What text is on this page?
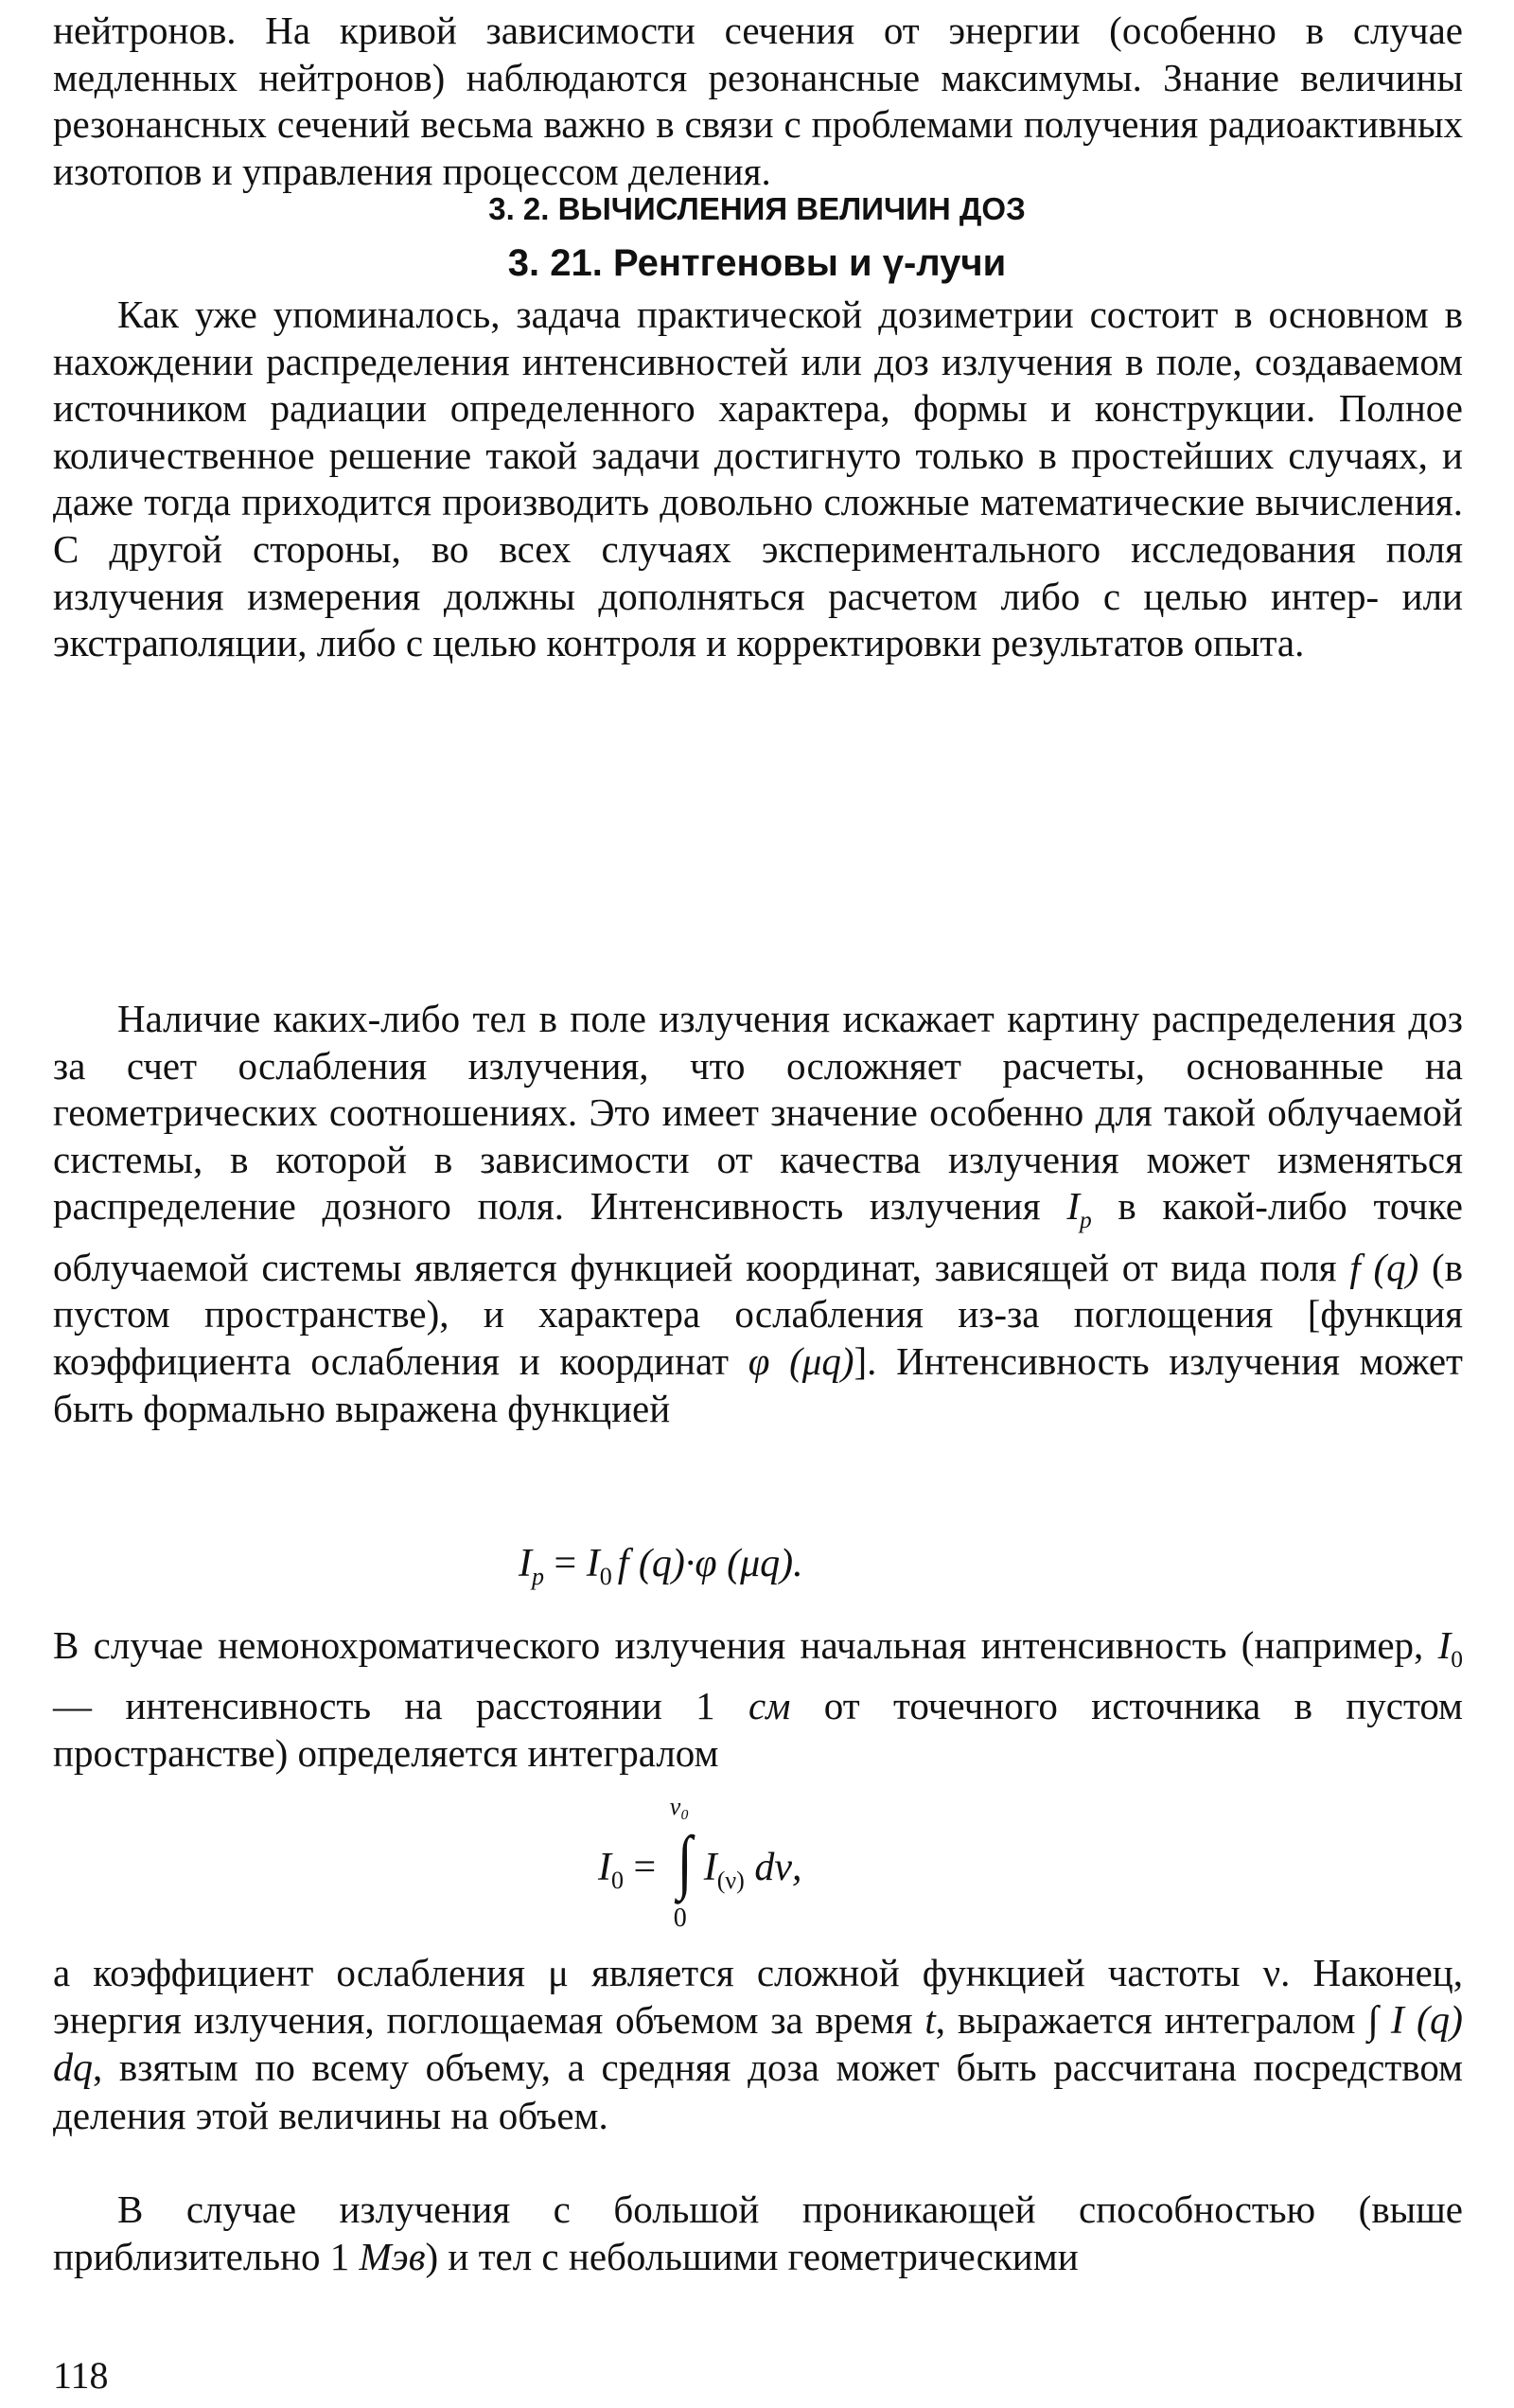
нейтронов. На кривой зависимости сечения от энергии (особенно в случае медленных нейтронов) наблюдаются резонансные максимумы. Знание величины резонансных сечений весьма важно в связи с проблемами получения радиоактивных изотопов и управления процессом деления.

3. 2. ВЫЧИСЛЕНИЯ ВЕЛИЧИН ДОЗ

3. 21. Рентгеновы и γ-лучи

Как уже упоминалось, задача практической дозиметрии состоит в основном в нахождении распределения интенсивностей или доз излучения в поле, создаваемом источником радиации определенного характера, формы и конструкции. Полное количественное решение такой задачи достигнуто только в простейших случаях, и даже тогда приходится производить довольно сложные математические вычисления. С другой стороны, во всех случаях экспериментального исследования поля излучения измерения должны дополняться расчетом либо с целью интер- или экстраполяции, либо с целью контроля и корректировки результатов опыта.

Наличие каких-либо тел в поле излучения искажает картину распределения доз за счет ослабления излучения, что осложняет расчеты, основанные на геометрических соотношениях. Это имеет значение особенно для такой облучаемой системы, в которой в зависимости от качества излучения может изменяться распределение дозного поля. Интенсивность излучения $I_p$ в какой-либо точке облучаемой системы является функцией координат, зависящей от вида поля f (q) (в пустом пространстве), и характера ослабления из-за поглощения [функция коэффициента ослабления и координат φ (μq)]. Интенсивность излучения может быть формально выражена функцией

$I_p = I_0$ f (q)·φ (μq).

В случае немонохроматического излучения начальная интенсивность (например, $I_0$ — интенсивность на расстоянии 1 см от точечного источника в пустом пространстве) определяется интегралом

$I_0$ =
ν₀
∫
0
$I_{(\nu)}$ dν,

а коэффициент ослабления μ является сложной функцией частоты ν. Наконец, энергия излучения, поглощаемая объемом за время t, выражается интегралом ∫ I (q) dq, взятым по всему объему, а средняя доза может быть рассчитана посредством деления этой величины на объем.

В случае излучения с большой проникающей способностью (выше приблизительно 1 Мэв) и тел с небольшими геометрическими

118
